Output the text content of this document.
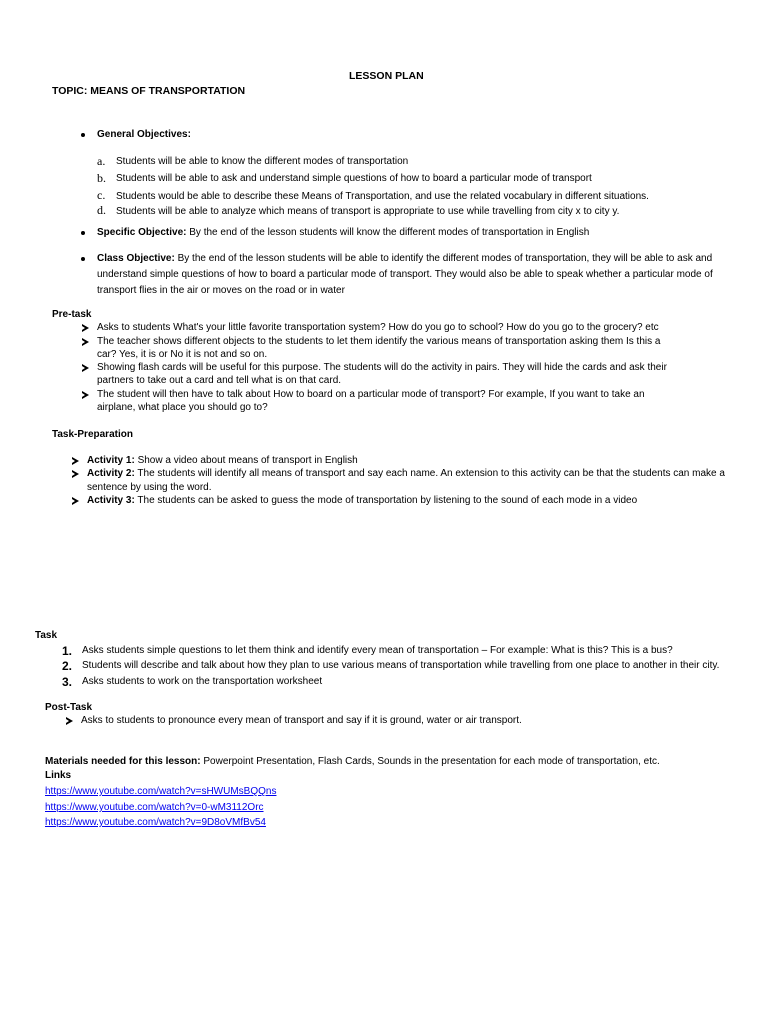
LESSON PLAN
TOPIC: MEANS OF TRANSPORTATION
General Objectives:
a. Students will be able to know the different modes of transportation
b. Students will be able to ask and understand simple questions of how to board a particular mode of transport
c. Students would be able to describe these Means of Transportation, and use the related vocabulary in different situations.
d. Students will be able to analyze which means of transport is appropriate to use while travelling from city x to city y.
Specific Objective: By the end of the lesson students will know the different modes of transportation in English
Class Objective: By the end of the lesson students will be able to identify the different modes of transportation, they will be able to ask and
understand simple questions of how to board a particular mode of transport. They would also be able to speak whether a particular mode of
transport flies in the air or moves on the road or in water
Pre-task
Asks to students What's your little favorite transportation system? How do you go to school? How do you go to the grocery? etc
The teacher shows different objects to the students to let them identify the various means of transportation asking them Is this a
car? Yes, it is or No it is not and so on.
Showing flash cards will be useful for this purpose. The students will do the activity in pairs. They will hide the cards and ask their
partners to take out a card and tell what is on that card.
The student will then have to talk about How to board on a particular mode of transport? For example, If you want to take an
airplane, what place you should go to?
Task-Preparation
Activity 1: Show a video about means of transport in English
Activity 2: The students will identify all means of transport and say each name. An extension to this activity can be that the students can make a
sentence by using the word.
Activity 3: The students can be asked to guess the mode of transportation by listening to the sound of each mode in a video
Task
1. Asks students simple questions to let them think and identify every mean of transportation – For example: What is this? This is a bus?
2. Students will describe and talk about how they plan to use various means of transportation while travelling from one place to another in their city.
3. Asks students to work on the transportation worksheet
Post-Task
Asks to students to pronounce every mean of transport and say if it is ground, water or air transport.
Materials needed for this lesson: Powerpoint Presentation, Flash Cards, Sounds in the presentation for each mode of transportation, etc.
Links
https://www.youtube.com/watch?v=sHWUMsBQQns
https://www.youtube.com/watch?v=0-wM3112Orc
https://www.youtube.com/watch?v=9D8oVMfBv54
